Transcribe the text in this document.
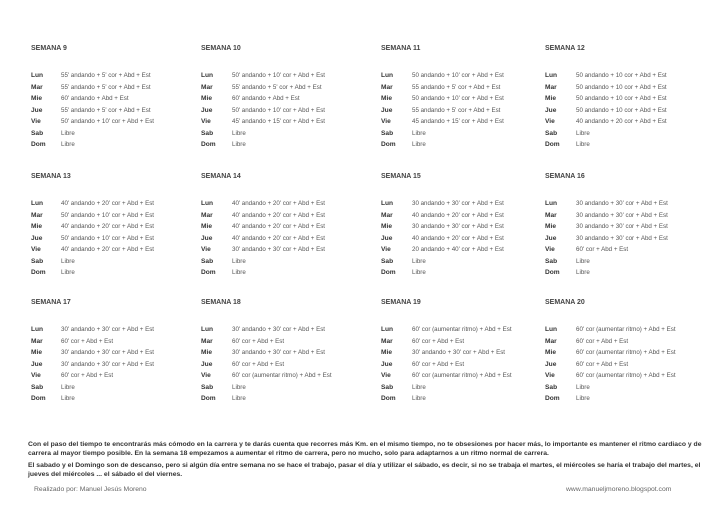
SEMANA 9
Lun	55' andando + 5' cor + Abd + Est
Mar	55' andando + 5' cor + Abd + Est
Mie	60' andando + Abd + Est
Jue	55' andando + 5' cor + Abd + Est
Vie	50' andando + 10' cor + Abd + Est
Sab	Libre
Dom Libre
SEMANA 10
Lun	50' andando + 10' cor + Abd + Est
Mar	55' andando + 5' cor + Abd + Est
Mie	60' andando + Abd + Est
Jue	50' andando + 10' cor + Abd + Est
Vie	45' andando + 15' cor + Abd + Est
Sab	Libre
Dom	Libre
SEMANA 11
Lun	50 andando + 10' cor + Abd + Est
Mar	55 andando + 5' cor + Abd + Est
Mie	50 andando + 10' cor + Abd + Est
Jue	55 andando + 5' cor + Abd + Est
Vie	45 andando + 15' cor + Abd + Est
Sab	Libre
Dom	Libre
SEMANA 12
Lun	50 andando + 10 cor + Abd + Est
Mar	50 andando + 10 cor + Abd + Est
Mie	50 andando + 10 cor + Abd + Est
Jue	50 andando + 10 cor + Abd + Est
Vie	40 andando + 20 cor + Abd + Est
Sab	Libre
Dom	Libre
SEMANA 13
Lun	40' andando + 20' cor + Abd + Est
Mar	50' andando + 10' cor + Abd + Est
Mie	40' andando + 20' cor + Abd + Est
Jue	50' andando + 10' cor + Abd + Est
Vie	40' andando + 20' cor + Abd + Est
Sab	Libre
Dom Libre
SEMANA 14
Lun	40' andando + 20' cor + Abd + Est
Mar	40' andando + 20' cor + Abd + Est
Mie	40' andando + 20' cor + Abd + Est
Jue	40' andando + 20' cor + Abd + Est
Vie	30' andando + 30' cor + Abd + Est
Sab	Libre
Dom	Libre
SEMANA 15
Lun	30 andando + 30' cor + Abd + Est
Mar	40 andando + 20' cor + Abd + Est
Mie	30 andando + 30' cor + Abd + Est
Jue	40 andando + 20' cor + Abd + Est
Vie	20 andando + 40' cor + Abd + Est
Sab	Libre
Dom	Libre
SEMANA 16
Lun	30 andando + 30' cor + Abd + Est
Mar	30 andando + 30' cor + Abd + Est
Mie	30 andando + 30' cor + Abd + Est
Jue	30 andando + 30' cor + Abd + Est
Vie	60' cor + Abd + Est
Sab	Libre
Dom	Libre
SEMANA 17
Lun	30' andando + 30' cor + Abd + Est
Mar	60' cor + Abd + Est
Mie	30' andando + 30' cor + Abd + Est
Jue	30' andando + 30' cor + Abd + Est
Vie	60' cor + Abd + Est
Sab	Libre
Dom Libre
SEMANA 18
Lun	30' andando + 30' cor + Abd + Est
Mar	60' cor + Abd + Est
Mie	30' andando + 30' cor + Abd + Est
Jue	60' cor + Abd + Est
Vie	60' cor (aumentar ritmo) + Abd + Est
Sab	Libre
Dom	Libre
SEMANA 19
Lun	60' cor (aumentar ritmo) + Abd + Est
Mar	60' cor + Abd + Est
Mie	30' andando + 30' cor + Abd + Est
Jue	60' cor + Abd + Est
Vie	60' cor (aumentar ritmo) + Abd + Est
Sab	Libre
Dom	Libre
SEMANA 20
Lun	60' cor (aumentar ritmo) + Abd + Est
Mar	60' cor + Abd + Est
Mie	60' cor (aumentar ritmo) + Abd + Est
Jue	60' cor + Abd + Est
Vie	60' cor (aumentar ritmo) + Abd + Est
Sab	Libre
Dom	Libre
Con el paso del tiempo te encontrarás más cómodo en la carrera y te darás cuenta que recorres más Km. en el mismo tiempo, no te obsesiones por hacer más, lo importante es mantener el ritmo cardiaco y de carrera al mayor tiempo posible. En la semana 18 empezamos a aumentar el ritmo de carrera, pero no mucho, solo para adaptarnos a un ritmo normal de carrera.
El sabado y el Domingo son de descanso, pero si algún día entre semana no se hace el trabajo, pasar el día y utilizar el sábado, es decir, si no se trabaja el martes, el miércoles se haría el trabajo del martes, el jueves del miércoles ... el sábado el del viernes.
Realizado por: Manuel Jesús Moreno	www.manueljmoreno.blogspot.com
